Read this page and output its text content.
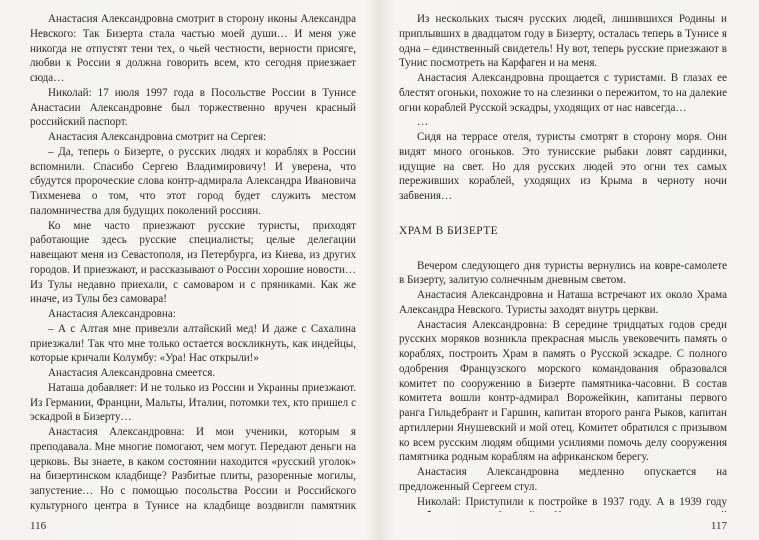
Анастасия Александровна смотрит в сторону иконы Александра Невского: Так Бизерта стала частью моей души… И меня уже никогда не отпустят тени тех, о чьей честности, верности присяге, любви к России я должна говорить всем, кто сегодня приезжает сюда…

Николай: 17 июля 1997 года в Посольстве России в Тунисе Анастасии Александровне был торжественно вручен красный российский паспорт.

Анастасия Александровна смотрит на Сергея:

– Да, теперь о Бизерте, о русских людях и кораблях в России вспомнили. Спасибо Сергею Владимировичу! И уверена, что сбудутся пророческие слова контр-адмирала Александра Ивановича Тихменева о том, что этот город будет служить местом паломничества для будущих поколений россиян.

Ко мне часто приезжают русские туристы, приходят работающие здесь русские специалисты; целые делегации навещают меня из Севастополя, из Петербурга, из Киева, из других городов. И приезжают, и рассказывают о России хорошие новости… Из Тулы недавно приехали, с самоваром и с пряниками. Как же иначе, из Тулы без самовара!

Анастасия Александровна:

– А с Алтая мне привезли алтайский мед! И даже с Сахалина приезжали! Так что мне только остается воскликнуть, как индейцы, которые кричали Колумбу: «Ура! Нас открыли!»

Анастасия Александровна смеется.

Наташа добавляет: И не только из России и Украины приезжают. Из Германии, Франции, Мальты, Италии, потомки тех, кто пришел с эскадрой в Бизерту…

Анастасия Александровна: И мои ученики, которым я преподавала. Мне многие помогают, чем могут. Передают деньги на церковь. Вы знаете, в каком состоянии находится «русский уголок» на бизертинском кладбище? Разбитые плиты, разоренные могилы, запустение… Но с помощью посольства России и Российского культурного центра в Тунисе на кладбище воздвигли памятник

116

Из нескольких тысяч русских людей, лишившихся Родины и приплывших в двадцатом году в Бизерту, осталась теперь в Тунисе я одна – единственный свидетель! Ну вот, теперь русские приезжают в Тунис посмотреть на Карфаген и на меня.

Анастасия Александровна прощается с туристами. В глазах ее блестят огоньки, похожие то на слезинки о пережитом, то на далекие огни кораблей Русской эскадры, уходящих от нас навсегда…

…

Сидя на террасе отеля, туристы смотрят в сторону моря. Они видят много огоньков. Это тунисские рыбаки ловят сардинки, идущие на свет. Но для русских людей это огни тех самых переживших кораблей, уходящих из Крыма в черноту ночи забвения…

ХРАМ В БИЗЕРТЕ

Вечером следующего дня туристы вернулись на ковре-самолете в Бизерту, залитую солнечным дневным светом.

Анастасия Александровна и Наташа встречают их около Храма Александра Невского. Туристы заходят внутрь церкви.

Анастасия Александровна: В середине тридцатых годов среди русских моряков возникла прекрасная мысль увековечить память о кораблях, построить Храм в память о Русской эскадре. С полного одобрения Французского морского командования образовался комитет по сооружению в Бизерте памятника-часовни. В состав комитета вошли контр-адмирал Ворожейкин, капитаны первого ранга Гильдебрант и Гаршин, капитан второго ранга Рыков, капитан артиллерии Янушевский и мой отец. Комитет обратился с призывом ко всем русским людям общими усилиями помочь делу сооружения памятника родным кораблям на африканском берегу.

Анастасия Александровна медленно опускается на предложенный Сергеем стул.

Николай: Приступили к постройке в 1937 году. А в 1939 году

117
